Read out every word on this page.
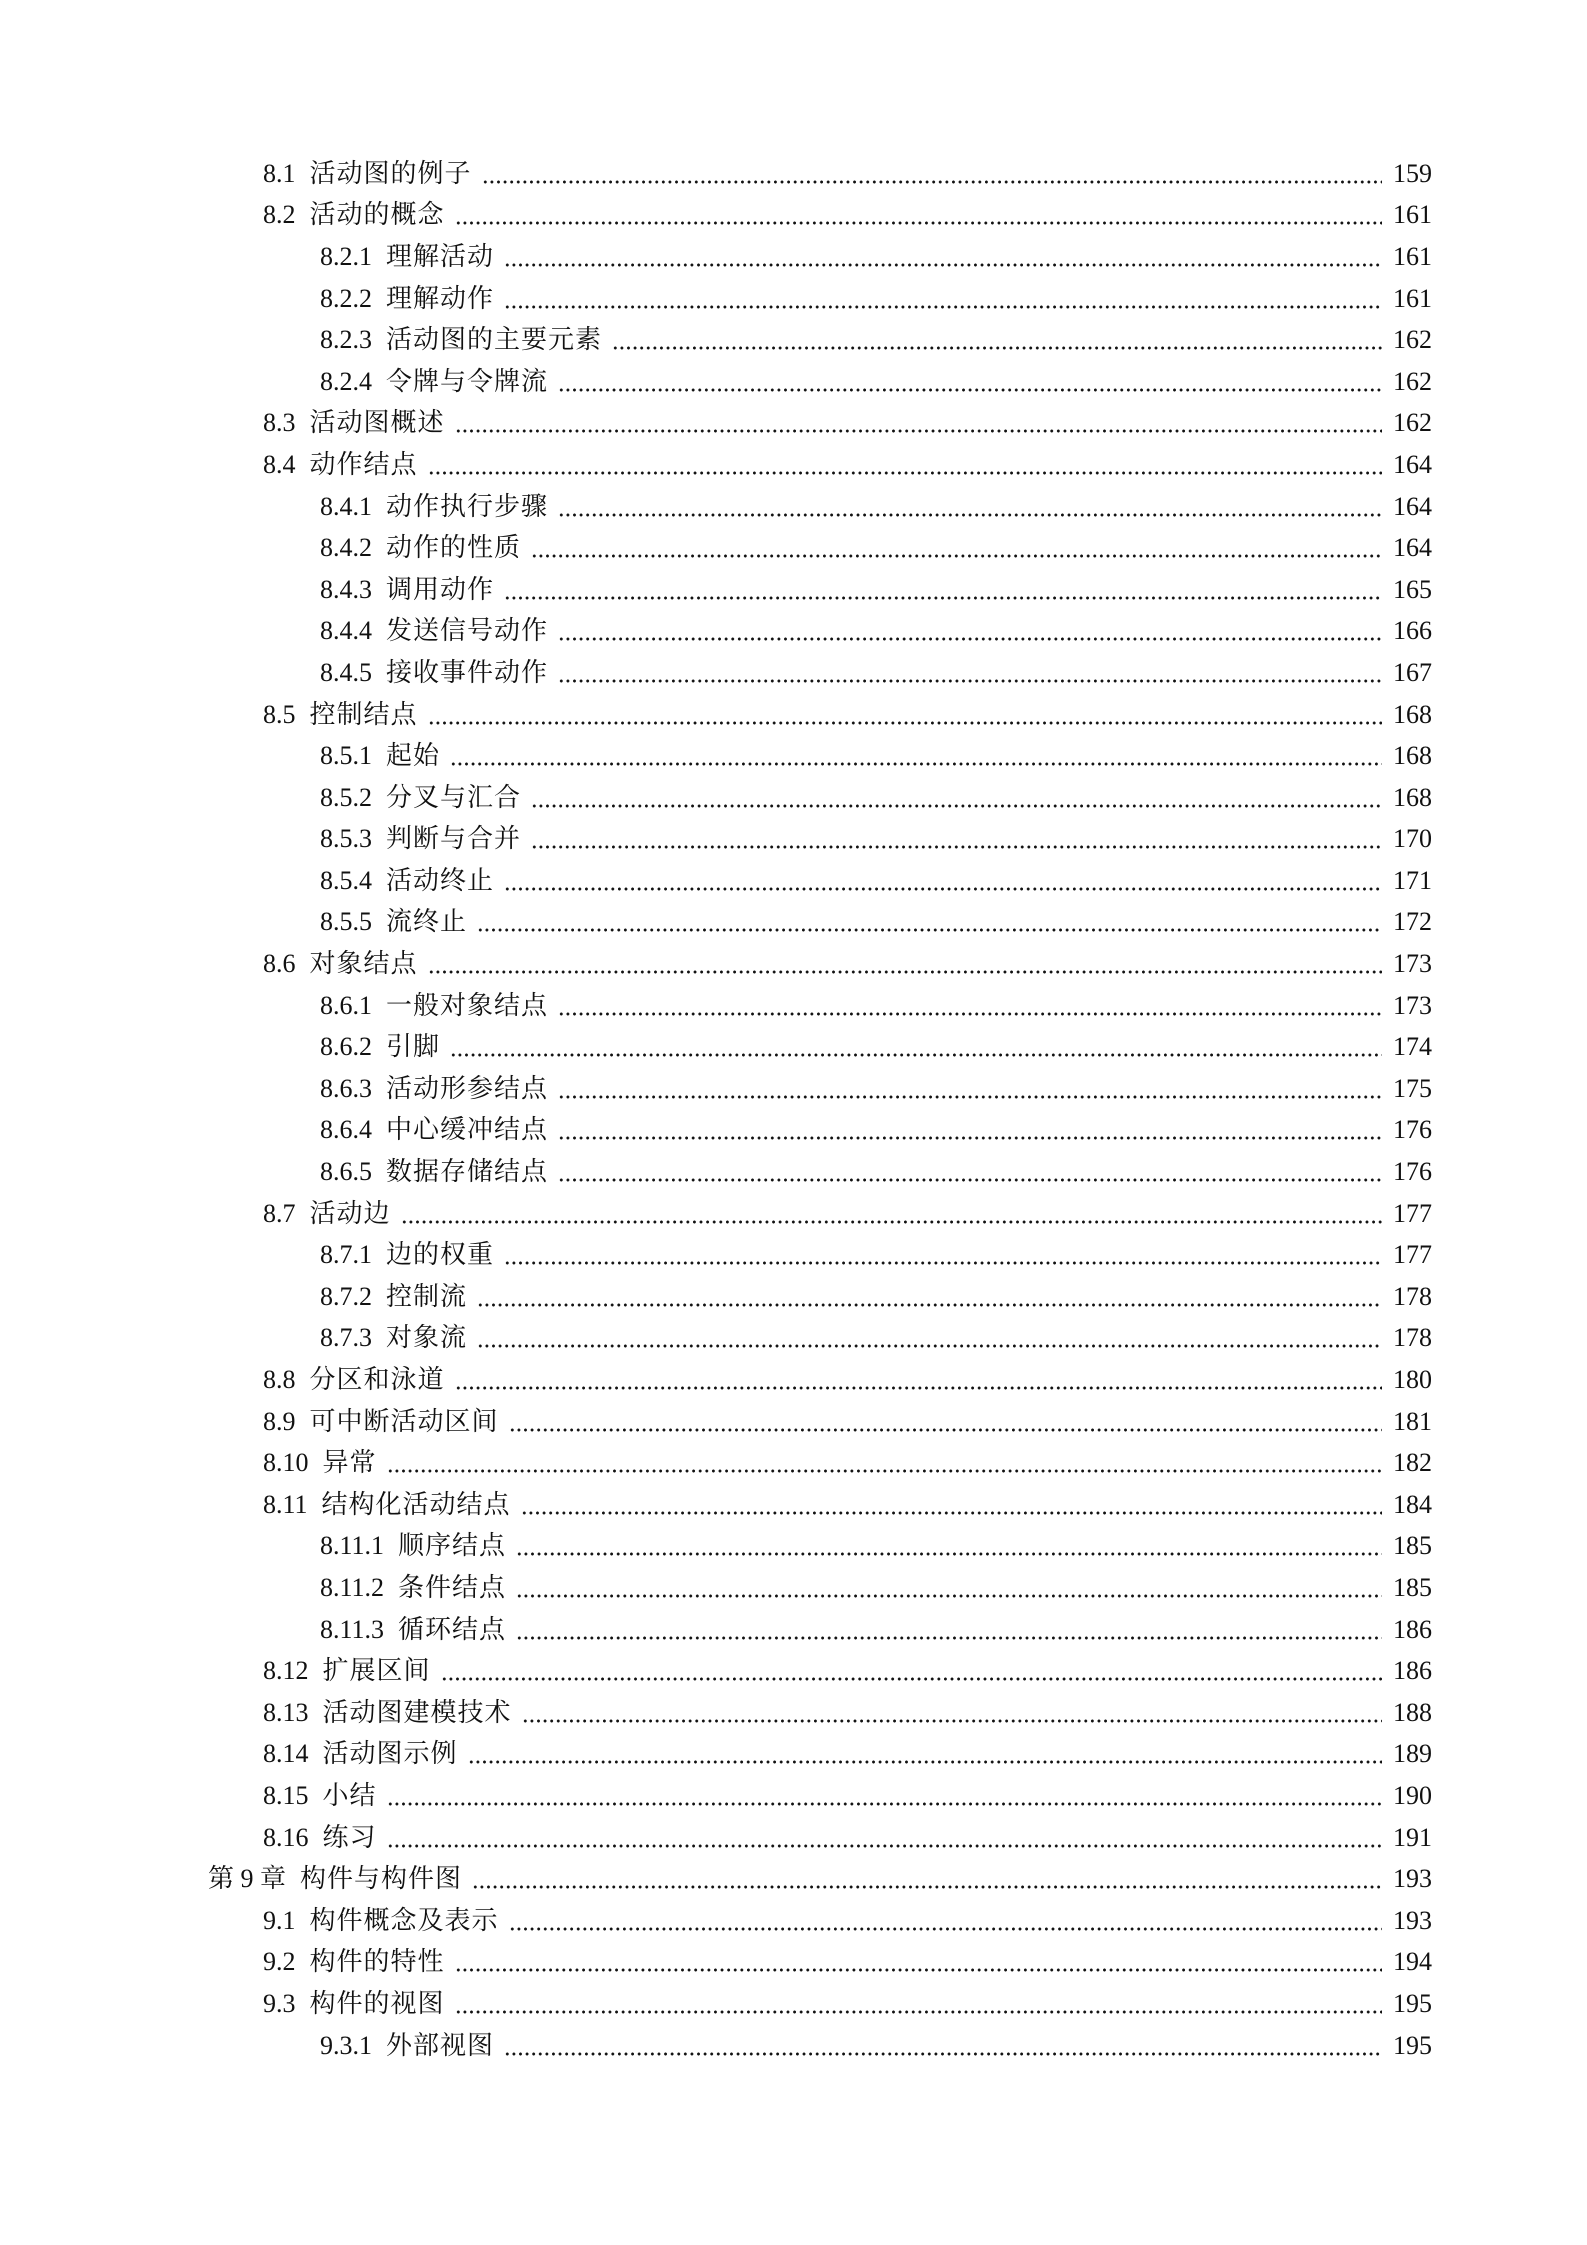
8.1 活动图的例子	159
8.2 活动的概念	161
8.2.1 理解活动	161
8.2.2 理解动作	161
8.2.3 活动图的主要元素	162
8.2.4 令牌与令牌流	162
8.3 活动图概述	162
8.4 动作结点	164
8.4.1 动作执行步骤	164
8.4.2 动作的性质	164
8.4.3 调用动作	165
8.4.4 发送信号动作	166
8.4.5 接收事件动作	167
8.5 控制结点	168
8.5.1 起始	168
8.5.2 分叉与汇合	168
8.5.3 判断与合并	170
8.5.4 活动终止	171
8.5.5 流终止	172
8.6 对象结点	173
8.6.1 一般对象结点	173
8.6.2 引脚	174
8.6.3 活动形参结点	175
8.6.4 中心缓冲结点	176
8.6.5 数据存储结点	176
8.7 活动边	177
8.7.1 边的权重	177
8.7.2 控制流	178
8.7.3 对象流	178
8.8 分区和泳道	180
8.9 可中断活动区间	181
8.10 异常	182
8.11 结构化活动结点	184
8.11.1 顺序结点	185
8.11.2 条件结点	185
8.11.3 循环结点	186
8.12 扩展区间	186
8.13 活动图建模技术	188
8.14 活动图示例	189
8.15 小结	190
8.16 练习	191
第 9 章 构件与构件图	193
9.1 构件概念及表示	193
9.2 构件的特性	194
9.3 构件的视图	195
9.3.1 外部视图	195
